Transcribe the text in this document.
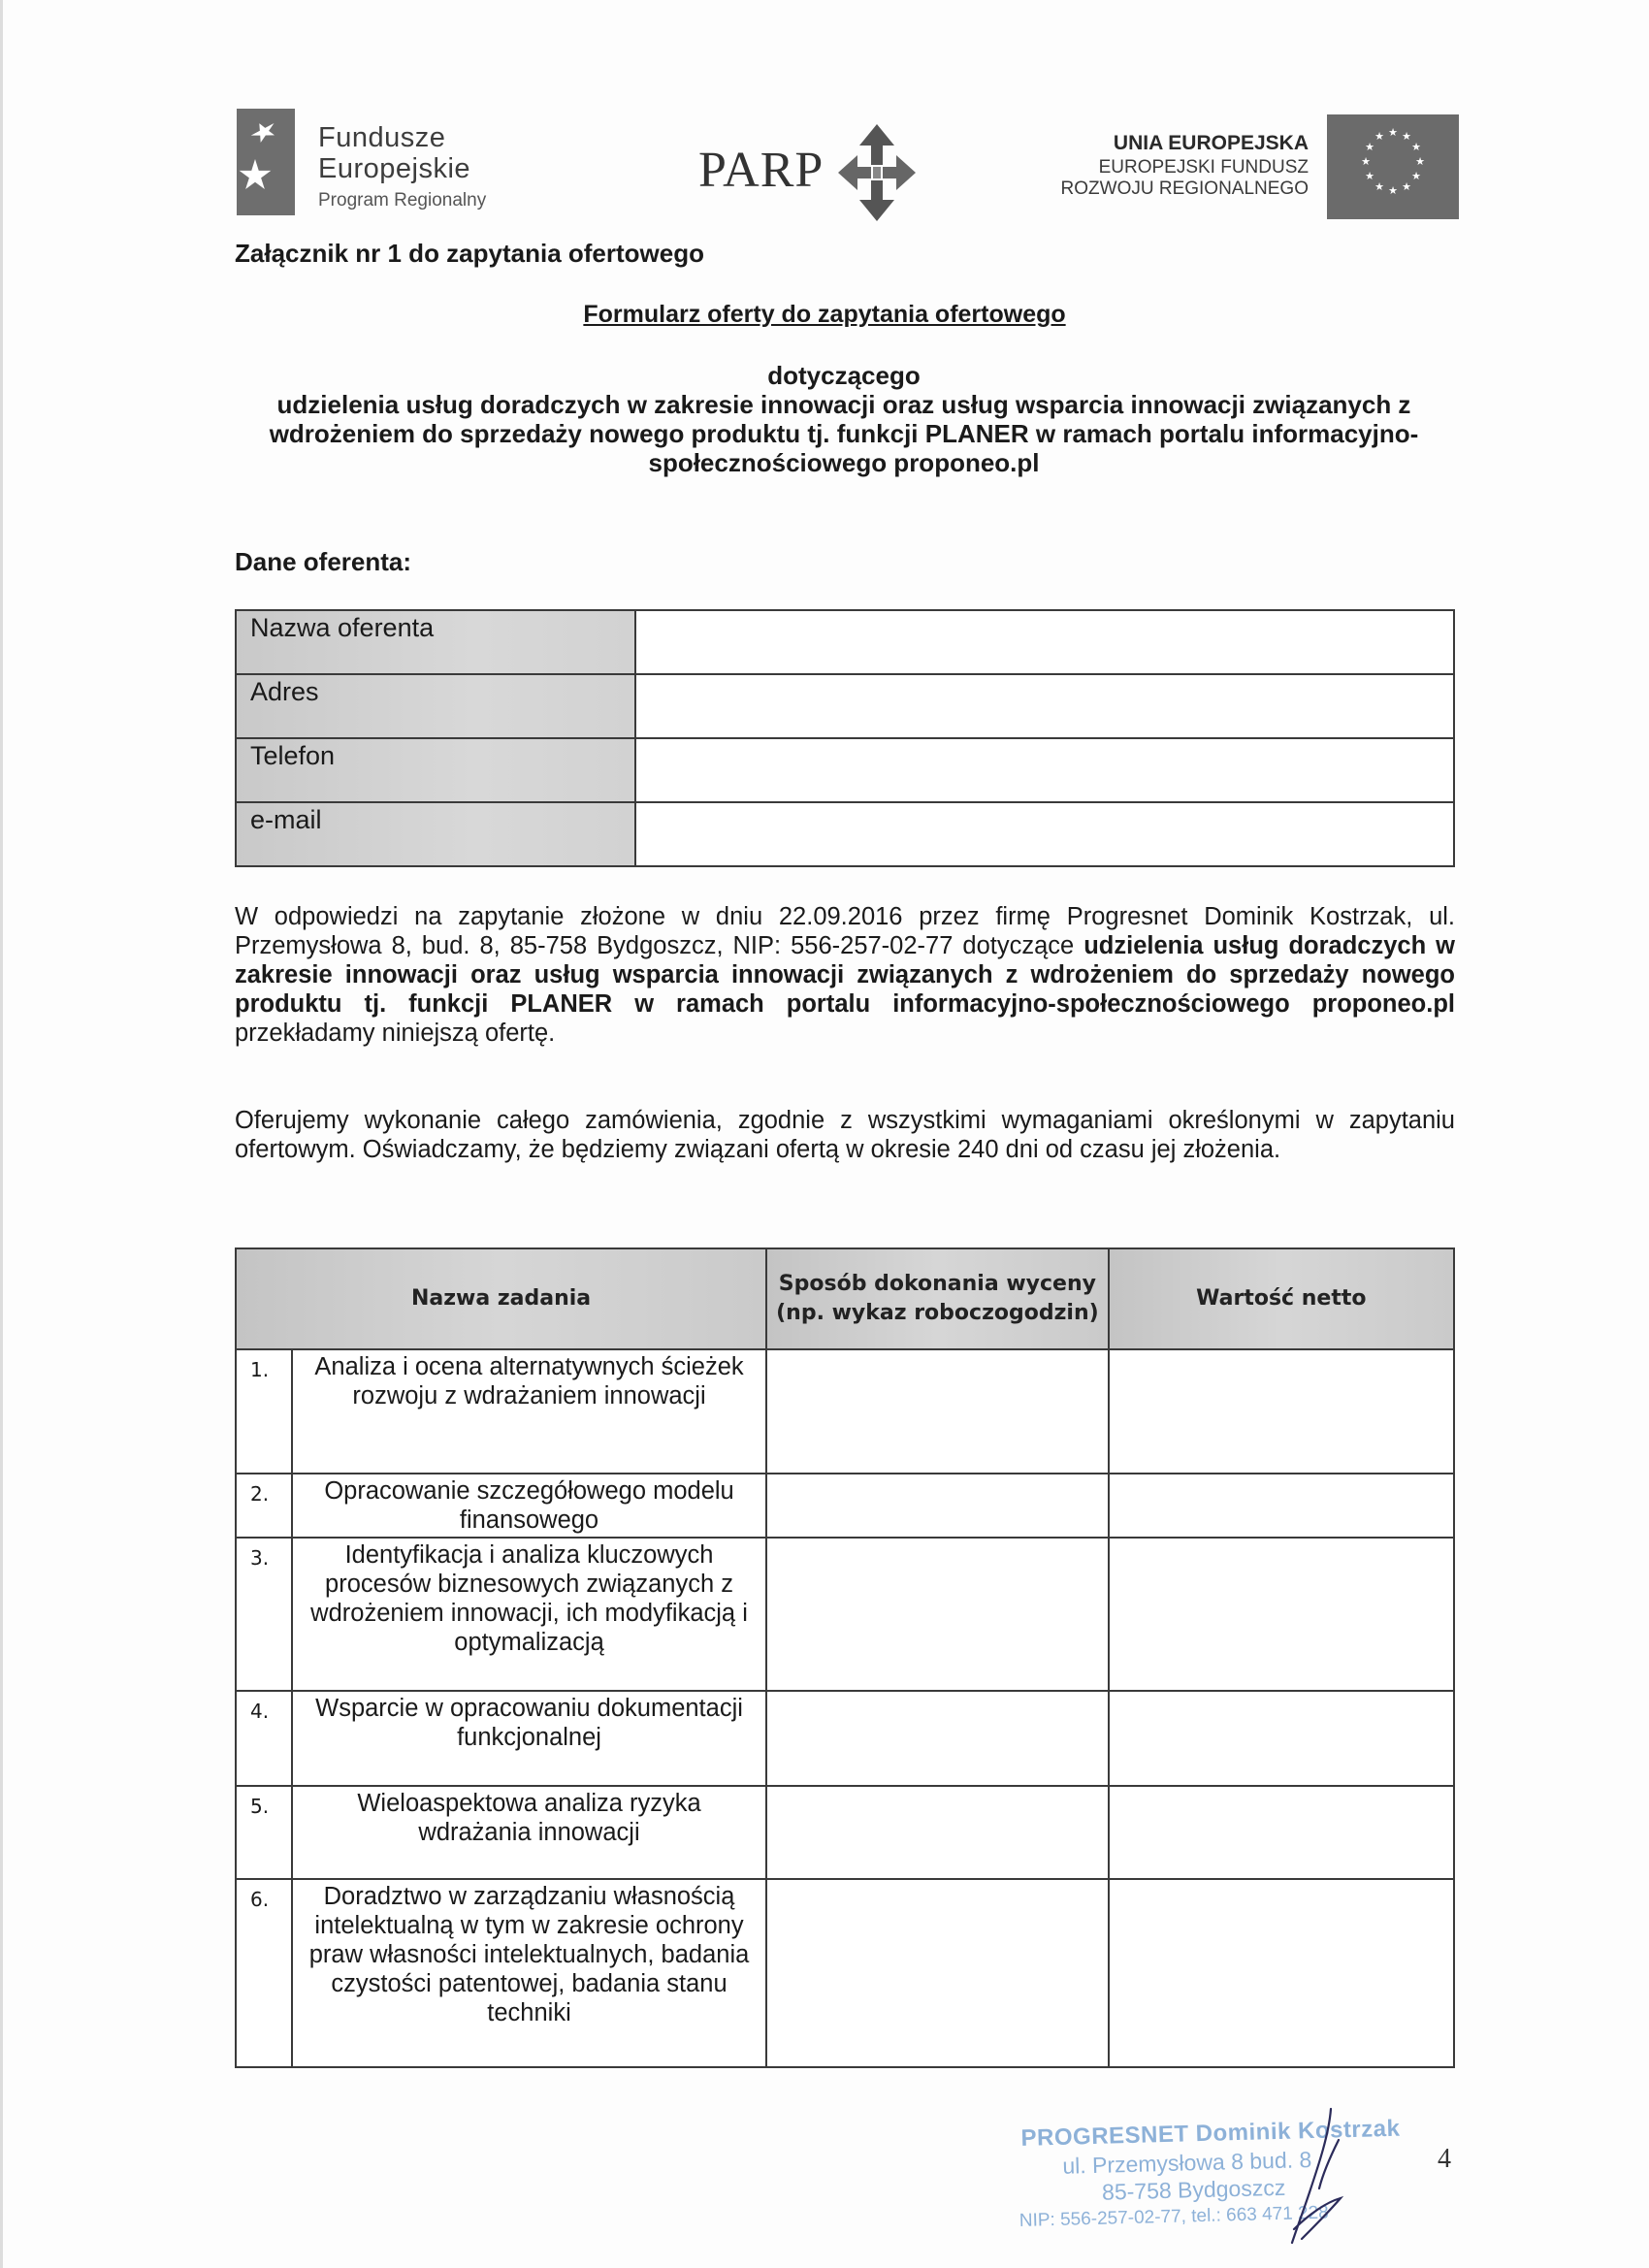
Fundusze
Europejskie
Program Regionalny
PARP	UNIA EUROPEJSKA
EUROPEJSKI FUNDUSZ
ROZWOJU REGIONALNEGO
★ ★
★
★
★
★
★
★
★
★
★
★
Załącznik nr 1 do zapytania ofertowego
Formularz oferty do zapytania ofertowego
dotyczącego
udzielenia usług doradczych w zakresie innowacji oraz usług wsparcia innowacji związanych z wdrożeniem do sprzedaży nowego produktu tj. funkcji PLANER w ramach portalu informacyjno-społecznościowego proponeo.pl
Dane oferenta:
Nazwa oferenta	
Adres	
Telefon	
e-mail	
W odpowiedzi na zapytanie złożone w dniu 22.09.2016 przez firmę Progresnet Dominik Kostrzak, ul. Przemysłowa 8, bud. 8, 85-758 Bydgoszcz, NIP: 556-257-02-77 dotyczące udzielenia usług doradczych w zakresie innowacji oraz usług wsparcia innowacji związanych z wdrożeniem do sprzedaży nowego produktu tj. funkcji PLANER w ramach portalu informacyjno-społecznościowego proponeo.pl przekładamy niniejszą ofertę.
Oferujemy wykonanie całego zamówienia, zgodnie z wszystkimi wymaganiami określonymi w zapytaniu ofertowym. Oświadczamy, że będziemy związani ofertą w okresie 240 dni od czasu jej złożenia.
Nazwa zadania		Sposób dokonania wyceny
(np. wykaz roboczogodzin)	Wartość netto
1.	Analiza i ocena alternatywnych ścieżek rozwoju z wdrażaniem innowacji		
2.	Opracowanie szczegółowego modelu finansowego		
3.	Identyfikacja i analiza kluczowych procesów biznesowych związanych z wdrożeniem innowacji, ich modyfikacją i optymalizacją		
4.	Wsparcie w opracowaniu dokumentacji funkcjonalnej		
5.	Wieloaspektowa analiza ryzyka wdrażania innowacji		
6.	Doradztwo w zarządzaniu własnością intelektualną w tym w zakresie ochrony praw własności intelektualnych, badania czystości patentowej, badania stanu techniki		
PROGRESNET Dominik Kostrzak
ul. Przemysłowa 8 bud. 8
85-758 Bydgoszcz
NIP: 556-257-02-77, tel.: 663 471 228
4
